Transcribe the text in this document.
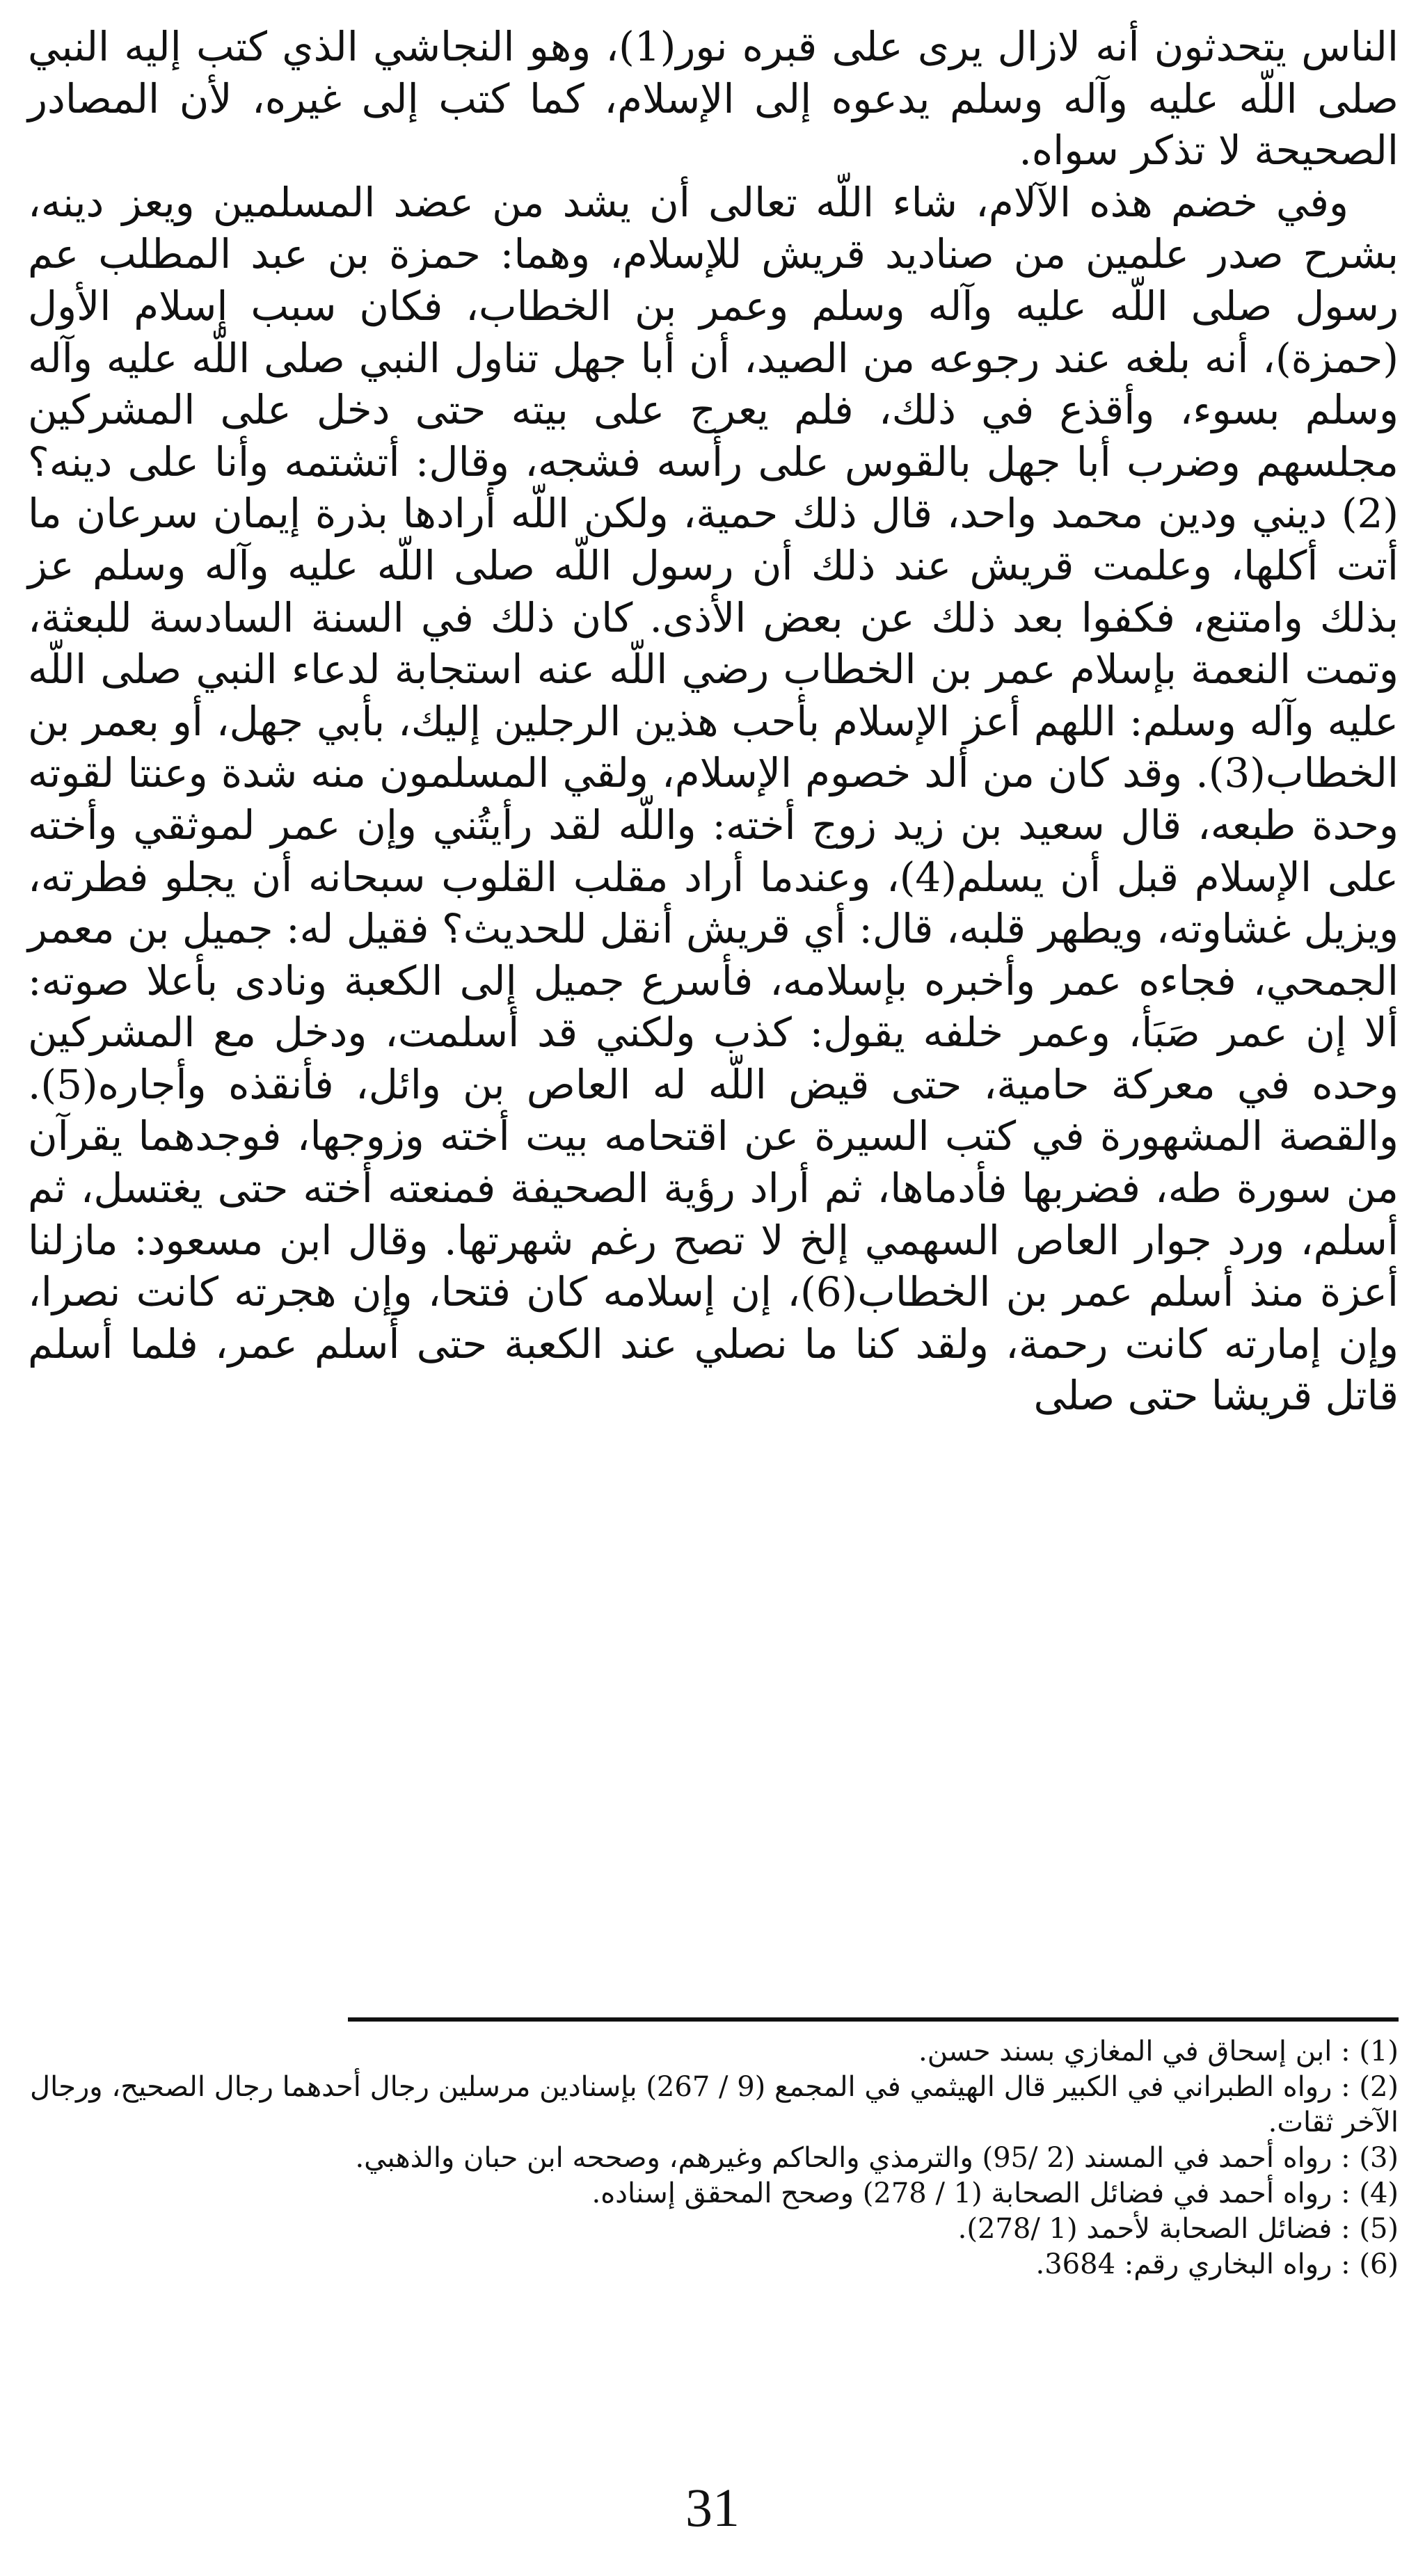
الناس يتحدثون أنه لازال يرى على قبره نور(1)، وهو النجاشي الذي كتب إليه النبي صلى اللّه عليه وآله وسلم يدعوه إلى الإسلام، كما كتب إلى غيره، لأن المصادر الصحيحة لا تذكر سواه.

وفي خضم هذه الآلام، شاء اللّه تعالى أن يشد من عضد المسلمين ويعز دينه، بشرح صدر علمين من صناديد قريش للإسلام، وهما: حمزة بن عبد المطلب عم رسول صلى اللّه عليه وآله وسلم وعمر بن الخطاب، فكان سبب إسلام الأول (حمزة)، أنه بلغه عند رجوعه من الصيد، أن أبا جهل تناول النبي صلى اللّه عليه وآله وسلم بسوء، وأقذع في ذلك، فلم يعرج على بيته حتى دخل على المشركين مجلسهم وضرب أبا جهل بالقوس على رأسه فشجه، وقال: أتشتمه وأنا على دينه؟(2) ديني ودين محمد واحد، قال ذلك حمية، ولكن اللّه أرادها بذرة إيمان سرعان ما أتت أكلها، وعلمت قريش عند ذلك أن رسول اللّه صلى اللّه عليه وآله وسلم عز بذلك وامتنع، فكفوا بعد ذلك عن بعض الأذى. كان ذلك في السنة السادسة للبعثة، وتمت النعمة بإسلام عمر بن الخطاب رضي اللّه عنه استجابة لدعاء النبي صلى اللّه عليه وآله وسلم: اللهم أعز الإسلام بأحب هذين الرجلين إليك، بأبي جهل، أو بعمر بن الخطاب(3). وقد كان من ألد خصوم الإسلام، ولقي المسلمون منه شدة وعنتا لقوته وحدة طبعه، قال سعيد بن زيد زوج أخته: واللّه لقد رأيتُني وإن عمر لموثقي وأخته على الإسلام قبل أن يسلم(4)، وعندما أراد مقلب القلوب سبحانه أن يجلو فطرته، ويزيل غشاوته، ويطهر قلبه، قال: أي قريش أنقل للحديث؟ فقيل له: جميل بن معمر الجمحي، فجاءه عمر وأخبره بإسلامه، فأسرع جميل إلى الكعبة ونادى بأعلا صوته: ألا إن عمر صَبَأ، وعمر خلفه يقول: كذب ولكني قد أسلمت، ودخل مع المشركين وحده في معركة حامية، حتى قيض اللّه له العاص بن وائل، فأنقذه وأجاره(5). والقصة المشهورة في كتب السيرة عن اقتحامه بيت أخته وزوجها، فوجدهما يقرآن من سورة طه، فضربها فأدماها، ثم أراد رؤية الصحيفة فمنعته أخته حتى يغتسل، ثم أسلم، ورد جوار العاص السهمي إلخ لا تصح رغم شهرتها. وقال ابن مسعود: مازلنا أعزة منذ أسلم عمر بن الخطاب(6)، إن إسلامه كان فتحا، وإن هجرته كانت نصرا، وإن إمارته كانت رحمة، ولقد كنا ما نصلي عند الكعبة حتى أسلم عمر، فلما أسلم قاتل قريشا حتى صلى

(1) : ابن إسحاق في المغازي بسند حسن.

(2) : رواه الطبراني في الكبير قال الهيثمي في المجمع (9 / 267) بإسنادين مرسلين رجال أحدهما رجال الصحيح، ورجال الآخر ثقات.

(3) : رواه أحمد في المسند (2 /95) والترمذي والحاكم وغيرهم، وصححه ابن حبان والذهبي.

(4) : رواه أحمد في فضائل الصحابة (1 / 278) وصحح المحقق إسناده.

(5) : فضائل الصحابة لأحمد (1 /278).

(6) : رواه البخاري رقم: 3684.

31
